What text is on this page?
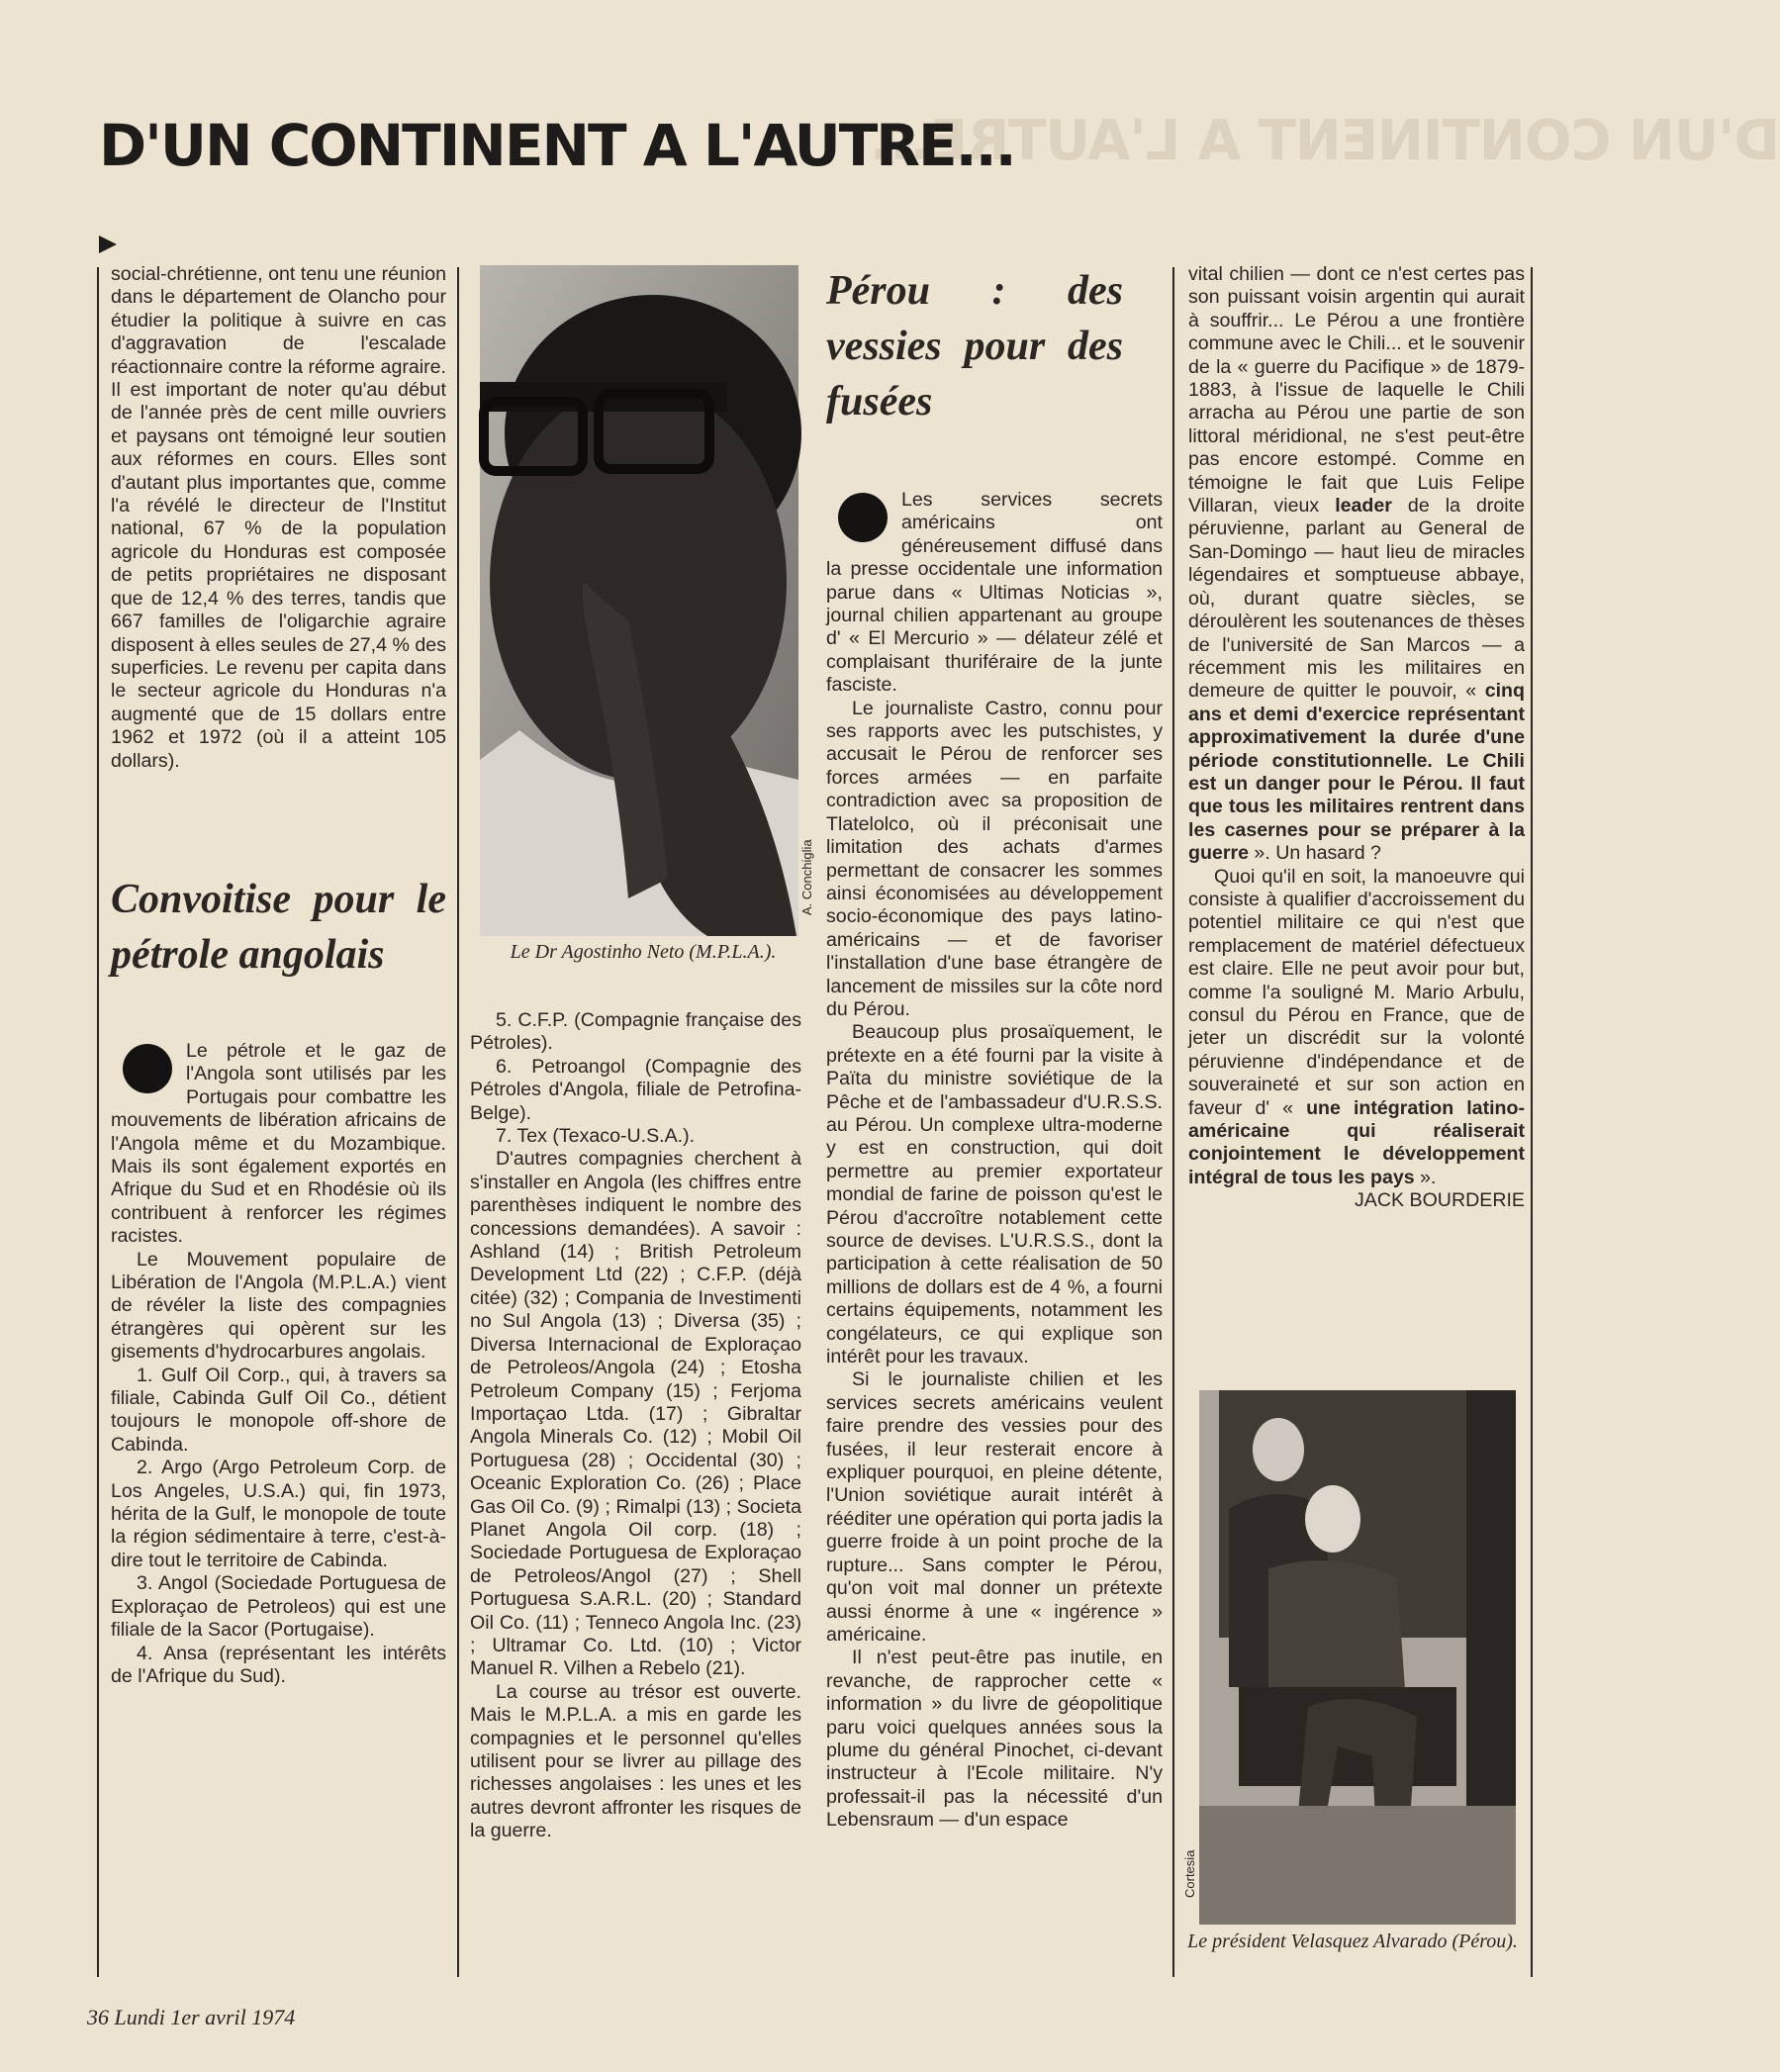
D'UN CONTINENT A L'AUTRE...
D'UN CONTINENT A L'AUTRE...

social-chrétienne, ont tenu une réunion dans le département de Olancho pour étudier la politique à suivre en cas d'aggravation de l'escalade réactionnaire contre la réforme agraire. Il est important de noter qu'au début de l'année près de cent mille ouvriers et paysans ont témoigné leur soutien aux réformes en cours. Elles sont d'autant plus importantes que, comme l'a révélé le directeur de l'Institut national, 67 % de la population agricole du Honduras est composée de petits propriétaires ne disposant que de 12,4 % des terres, tandis que 667 familles de l'oligarchie agraire disposent à elles seules de 27,4 % des superficies. Le revenu per capita dans le secteur agricole du Honduras n'a augmenté que de 15 dollars entre 1962 et 1972 (où il a atteint 105 dollars).

Convoitise pour le pétrole angolais

Le pétrole et le gaz de l'Angola sont utilisés par les Portugais pour combattre les mouvements de libération africains de l'Angola même et du Mozambique. Mais ils sont également exportés en Afrique du Sud et en Rhodésie où ils contribuent à renforcer les régimes racistes.

Le Mouvement populaire de Libération de l'Angola (M.P.L.A.) vient de révéler la liste des compagnies étrangères qui opèrent sur les gisements d'hydrocarbures angolais.

1. Gulf Oil Corp., qui, à travers sa filiale, Cabinda Gulf Oil Co., détient toujours le monopole off-shore de Cabinda.

2. Argo (Argo Petroleum Corp. de Los Angeles, U.S.A.) qui, fin 1973, hérita de la Gulf, le monopole de toute la région sédimentaire à terre, c'est-à-dire tout le territoire de Cabinda.

3. Angol (Sociedade Portuguesa de Exploraçao de Petroleos) qui est une filiale de la Sacor (Portugaise).

4. Ansa (représentant les intérêts de l'Afrique du Sud).

A. Conchiglia
Le Dr Agostinho Neto (M.P.L.A.).

5. C.F.P. (Compagnie française des Pétroles).

6. Petroangol (Compagnie des Pétroles d'Angola, filiale de Petrofina-Belge).

7. Tex (Texaco-U.S.A.).

D'autres compagnies cherchent à s'installer en Angola (les chiffres entre parenthèses indiquent le nombre des concessions demandées). A savoir : Ashland (14) ; British Petroleum Development Ltd (22) ; C.F.P. (déjà citée) (32) ; Compania de Investimenti no Sul Angola (13) ; Diversa (35) ; Diversa Internacional de Exploraçao de Petroleos/Angola (24) ; Etosha Petroleum Company (15) ; Ferjoma Importaçao Ltda. (17) ; Gibraltar Angola Minerals Co. (12) ; Mobil Oil Portuguesa (28) ; Occidental (30) ; Oceanic Exploration Co. (26) ; Place Gas Oil Co. (9) ; Rimalpi (13) ; Societa Planet Angola Oil corp. (18) ; Sociedade Portuguesa de Exploraçao de Petroleos/Angol (27) ; Shell Portuguesa S.A.R.L. (20) ; Standard Oil Co. (11) ; Tenneco Angola Inc. (23) ; Ultramar Co. Ltd. (10) ; Victor Manuel R. Vilhen a Rebelo (21).

La course au trésor est ouverte. Mais le M.P.L.A. a mis en garde les compagnies et le personnel qu'elles utilisent pour se livrer au pillage des richesses angolaises : les unes et les autres devront affronter les risques de la guerre.

Pérou : des vessies pour des fusées

Les services secrets américains ont généreusement diffusé dans la presse occidentale une information parue dans « Ultimas Noticias », journal chilien appartenant au groupe d' « El Mercurio » — délateur zélé et complaisant thuriféraire de la junte fasciste.

Le journaliste Castro, connu pour ses rapports avec les putschistes, y accusait le Pérou de renforcer ses forces armées — en parfaite contradiction avec sa proposition de Tlatelolco, où il préconisait une limitation des achats d'armes permettant de consacrer les sommes ainsi économisées au développement socio-économique des pays latino-américains — et de favoriser l'installation d'une base étrangère de lancement de missiles sur la côte nord du Pérou.

Beaucoup plus prosaïquement, le prétexte en a été fourni par la visite à Païta du ministre soviétique de la Pêche et de l'ambassadeur d'U.R.S.S. au Pérou. Un complexe ultra-moderne y est en construction, qui doit permettre au premier exportateur mondial de farine de poisson qu'est le Pérou d'accroître notablement cette source de devises. L'U.R.S.S., dont la participation à cette réalisation de 50 millions de dollars est de 4 %, a fourni certains équipements, notamment les congélateurs, ce qui explique son intérêt pour les travaux.

Si le journaliste chilien et les services secrets américains veulent faire prendre des vessies pour des fusées, il leur resterait encore à expliquer pourquoi, en pleine détente, l'Union soviétique aurait intérêt à rééditer une opération qui porta jadis la guerre froide à un point proche de la rupture... Sans compter le Pérou, qu'on voit mal donner un prétexte aussi énorme à une « ingérence » américaine.

Il n'est peut-être pas inutile, en revanche, de rapprocher cette « information » du livre de géopolitique paru voici quelques années sous la plume du général Pinochet, ci-devant instructeur à l'Ecole militaire. N'y professait-il pas la nécessité d'un Lebensraum — d'un espace

vital chilien — dont ce n'est certes pas son puissant voisin argentin qui aurait à souffrir... Le Pérou a une frontière commune avec le Chili... et le souvenir de la « guerre du Pacifique » de 1879-1883, à l'issue de laquelle le Chili arracha au Pérou une partie de son littoral méridional, ne s'est peut-être pas encore estompé. Comme en témoigne le fait que Luis Felipe Villaran, vieux leader de la droite péruvienne, parlant au General de San-Domingo — haut lieu de miracles légendaires et somptueuse abbaye, où, durant quatre siècles, se déroulèrent les soutenances de thèses de l'université de San Marcos — a récemment mis les militaires en demeure de quitter le pouvoir, « cinq ans et demi d'exercice représentant approximativement la durée d'une période constitutionnelle. Le Chili est un danger pour le Pérou. Il faut que tous les militaires rentrent dans les casernes pour se préparer à la guerre ». Un hasard ?

Quoi qu'il en soit, la manoeuvre qui consiste à qualifier d'accroissement du potentiel militaire ce qui n'est que remplacement de matériel défectueux est claire. Elle ne peut avoir pour but, comme l'a souligné M. Mario Arbulu, consul du Pérou en France, que de jeter un discrédit sur la volonté péruvienne d'indépendance et de souveraineté et sur son action en faveur d' « une intégration latino-américaine qui réaliserait conjointement le développement intégral de tous les pays ».

JACK BOURDERIE

Cortesia
Le président Velasquez Alvarado (Pérou).
36 Lundi 1er avril 1974
